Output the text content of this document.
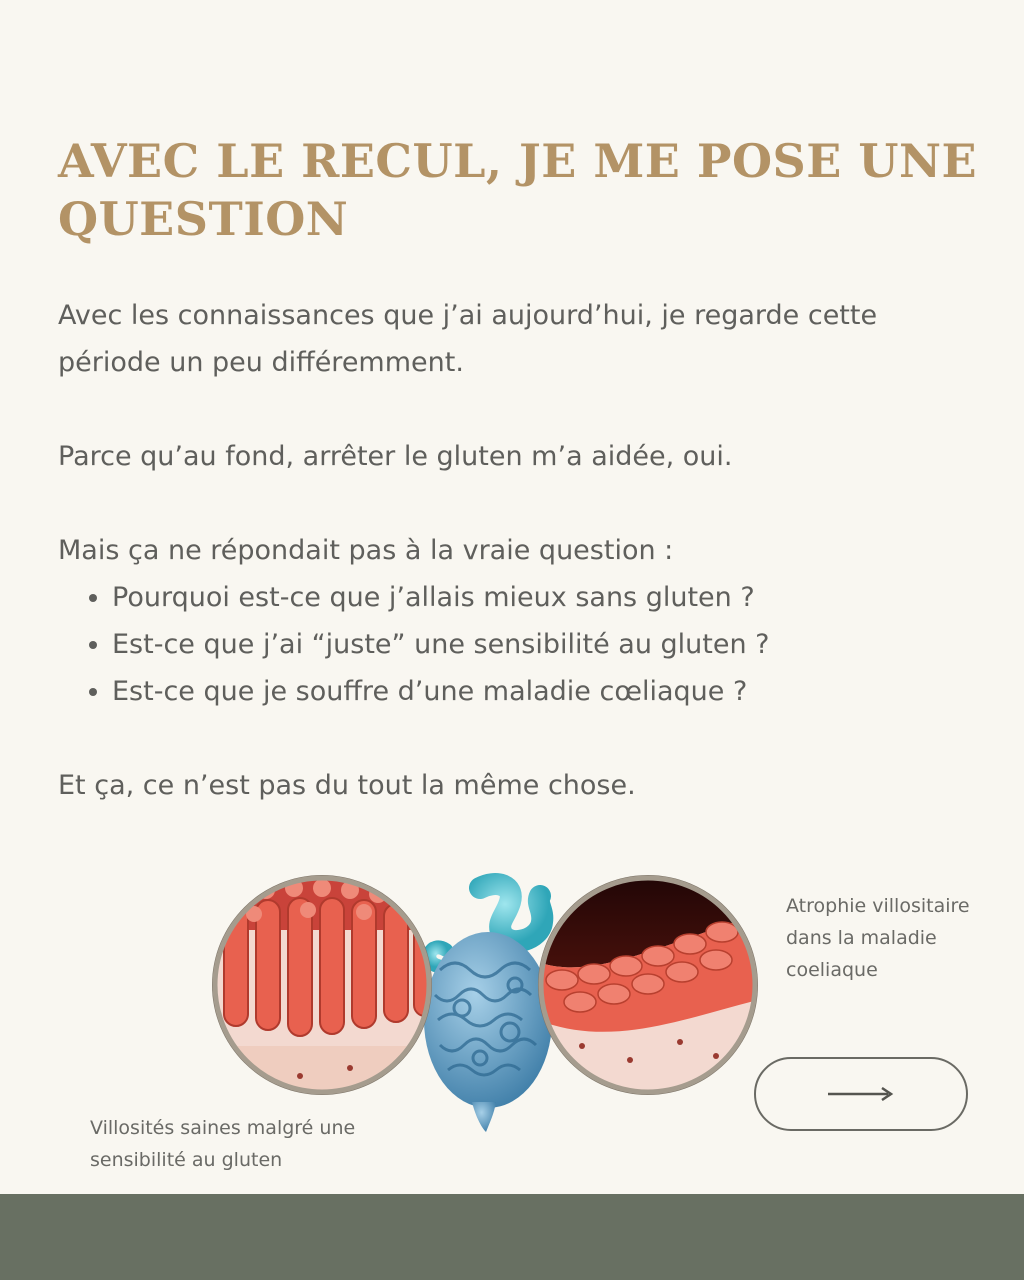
AVEC LE RECUL, JE ME POSE UNE QUESTION

Avec les connaissances que j’ai aujourd’hui, je regarde cette période un peu différemment.

Parce qu’au fond, arrêter le gluten m’a aidée, oui.

Mais ça ne répondait pas à la vraie question :

• Pourquoi est-ce que j’allais mieux sans gluten ?
• Est-ce que j’ai “juste” une sensibilité au gluten ?
• Est-ce que je souffre d’une maladie cœliaque ?

Et ça, ce n’est pas du tout la même chose.

Atrophie villositaire dans la maladie coeliaque
Villosités saines malgré une sensibilité au gluten
